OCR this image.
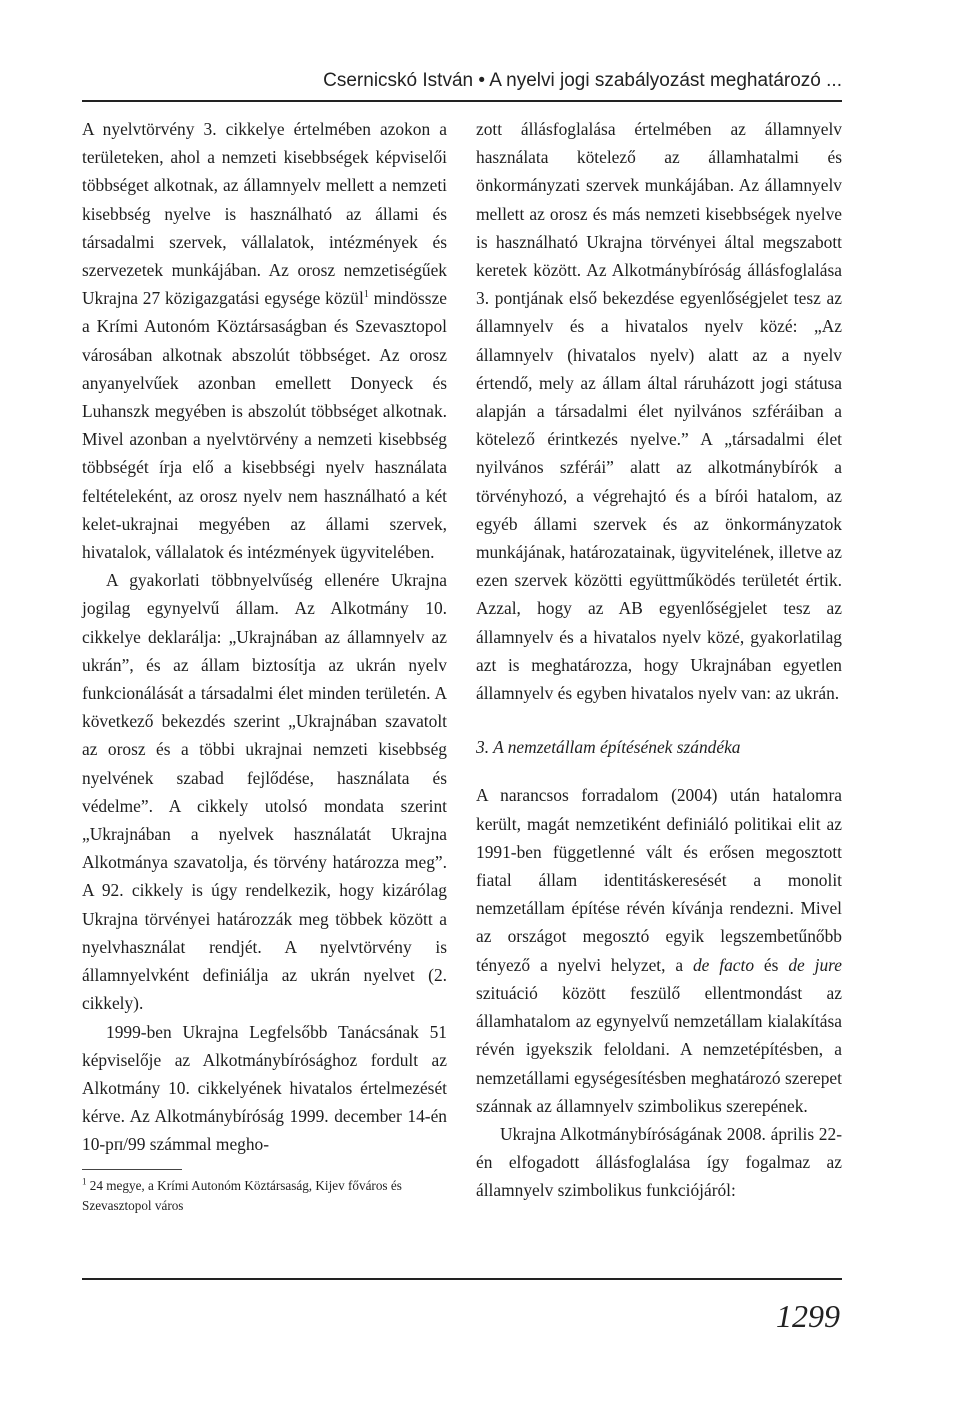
Csernicskó István • A nyelvi jogi szabályozást meghatározó ...

A nyelvtörvény 3. cikkelye értelmében azokon a területeken, ahol a nemzeti kisebbségek képviselői többséget alkotnak, az államnyelv mellett a nemzeti kisebbség nyelve is használható az állami és társadalmi szervek, vállalatok, intézmények és szervezetek munkájában. Az orosz nemzetiségűek Ukrajna 27 közigazgatási egysége közül$^1$ mindössze a Krími Autonóm Köztársaságban és Szevasztopol városában alkotnak abszolút többséget. Az orosz anyanyelvűek azonban emellett Donyeck és Luhanszk megyében is abszolút többséget alkotnak. Mivel azonban a nyelvtörvény a nemzeti kisebbség többségét írja elő a kisebbségi nyelv használata feltételeként, az orosz nyelv nem használható a két kelet-ukrajnai megyében az állami szervek, hivatalok, vállalatok és intézmények ügyvitelében.

A gyakorlati többnyelvűség ellenére Ukrajna jogilag egynyelvű állam. Az Alkotmány 10. cikkelye deklarálja: „Ukrajnában az államnyelv az ukrán”, és az állam biztosítja az ukrán nyelv funkcionálását a társadalmi élet minden területén. A következő bekezdés szerint „Ukrajnában szavatolt az orosz és a többi ukrajnai nemzeti kisebbség nyelvének szabad fejlődése, használata és védelme”. A cikkely utolsó mondata szerint „Ukrajnában a nyelvek használatát Ukrajna Alkotmánya szavatolja, és törvény határozza meg”. A 92. cikkely is úgy rendelkezik, hogy kizárólag Ukrajna törvényei határozzák meg többek között a nyelvhasználat rendjét. A nyelvtörvény is államnyelvként definiálja az ukrán nyelvet (2. cikkely).

1999-ben Ukrajna Legfelsőbb Tanácsának 51 képviselője az Alkotmánybírósághoz fordult az Alkotmány 10. cikkelyének hivatalos értelmezését kérve. Az Alkotmánybíróság 1999. december 14-én 10-рп/99 számmal megho-

$^1$ 24 megye, a Krími Autonóm Köztársaság, Kijev főváros és Szevasztopol város

zott állásfoglalása értelmében az államnyelv használata kötelező az államhatalmi és önkormányzati szervek munkájában. Az államnyelv mellett az orosz és más nemzeti kisebbségek nyelve is használható Ukrajna törvényei által megszabott keretek között. Az Alkotmánybíróság állásfoglalása 3. pontjának első bekezdése egyenlőségjelet tesz az államnyelv és a hivatalos nyelv közé: „Az államnyelv (hivatalos nyelv) alatt az a nyelv értendő, mely az állam által ráruházott jogi státusa alapján a társadalmi élet nyilvános szféráiban a kötelező érintkezés nyelve.” A „társadalmi élet nyilvános szférái” alatt az alkotmánybírók a törvényhozó, a végrehajtó és a bírói hatalom, az egyéb állami szervek és az önkormányzatok munkájának, határozatainak, ügyvitelének, illetve az ezen szervek közötti együttműködés területét értik. Azzal, hogy az AB egyenlőségjelet tesz az államnyelv és a hivatalos nyelv közé, gyakorlatilag azt is meghatározza, hogy Ukrajnában egyetlen államnyelv és egyben hivatalos nyelv van: az ukrán.

3. A nemzetállam építésének szándéka

A narancsos forradalom (2004) után hatalomra került, magát nemzetiként definiáló politikai elit az 1991-ben függetlenné vált és erősen megosztott fiatal állam identitáskeresését a monolit nemzetállam építése révén kívánja rendezni. Mivel az országot megosztó egyik legszembetűnőbb tényező a nyelvi helyzet, a de facto és de jure szituáció között feszülő ellentmondást az államhatalom az egynyelvű nemzetállam kialakítása révén igyekszik feloldani. A nemzetépítésben, a nemzetállami egységesítésben meghatározó szerepet szánnak az államnyelv szimbolikus szerepének.

Ukrajna Alkotmánybíróságának 2008. április 22-én elfogadott állásfoglalása így fogalmaz az államnyelv szimbolikus funkciójáról:

1299
